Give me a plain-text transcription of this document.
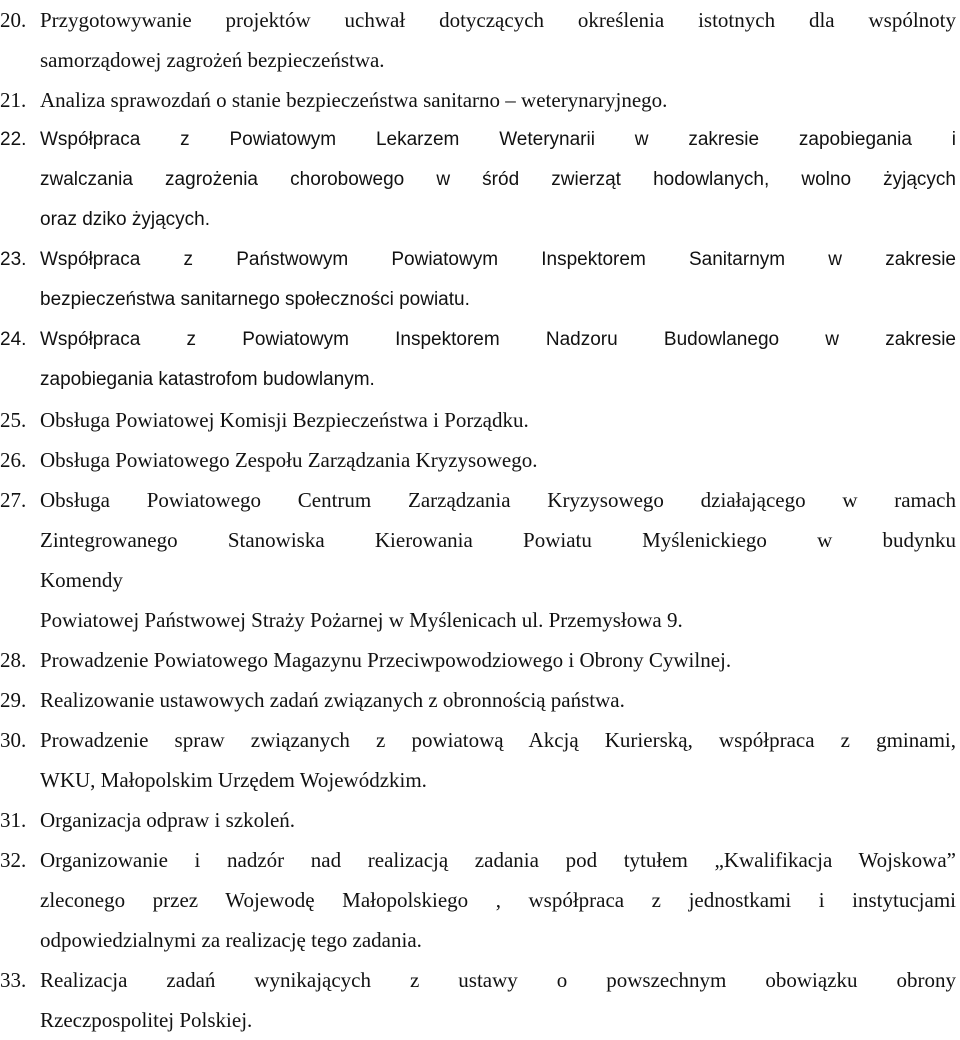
20. Przygotowywanie projektów uchwał dotyczących określenia istotnych dla wspólnoty
samorządowej zagrożeń bezpieczeństwa.
21. Analiza sprawozdań o stanie bezpieczeństwa sanitarno – weterynaryjnego.
22. Współpraca z Powiatowym Lekarzem Weterynarii w zakresie zapobiegania i
zwalczania zagrożenia chorobowego w śród zwierząt hodowlanych, wolno żyjących
oraz dziko żyjących.
23. Współpraca z Państwowym Powiatowym Inspektorem Sanitarnym w zakresie
bezpieczeństwa sanitarnego społeczności powiatu.
24. Współpraca z Powiatowym Inspektorem Nadzoru Budowlanego w zakresie
zapobiegania katastrofom budowlanym.
25. Obsługa Powiatowej Komisji Bezpieczeństwa i Porządku.
26. Obsługa Powiatowego Zespołu Zarządzania Kryzysowego.
27. Obsługa Powiatowego Centrum Zarządzania Kryzysowego działającego w ramach
Zintegrowanego Stanowiska Kierowania Powiatu Myślenickiego w budynku
Komendy
Powiatowej Państwowej Straży Pożarnej w Myślenicach ul. Przemysłowa 9.
28. Prowadzenie Powiatowego Magazynu Przeciwpowodziowego i Obrony Cywilnej.
29. Realizowanie ustawowych zadań związanych z obronnością państwa.
30. Prowadzenie spraw związanych z powiatową Akcją Kurierską, współpraca z gminami,
WKU, Małopolskim Urzędem Wojewódzkim.
31. Organizacja odpraw i szkoleń.
32. Organizowanie i nadzór nad realizacją zadania pod tytułem „Kwalifikacja Wojskowa”
zleconego przez Wojewodę Małopolskiego , współpraca z jednostkami i instytucjami
odpowiedzialnymi za realizację tego zadania.
33. Realizacja zadań wynikających z ustawy o powszechnym obowiązku obrony
Rzeczpospolitej Polskiej.
